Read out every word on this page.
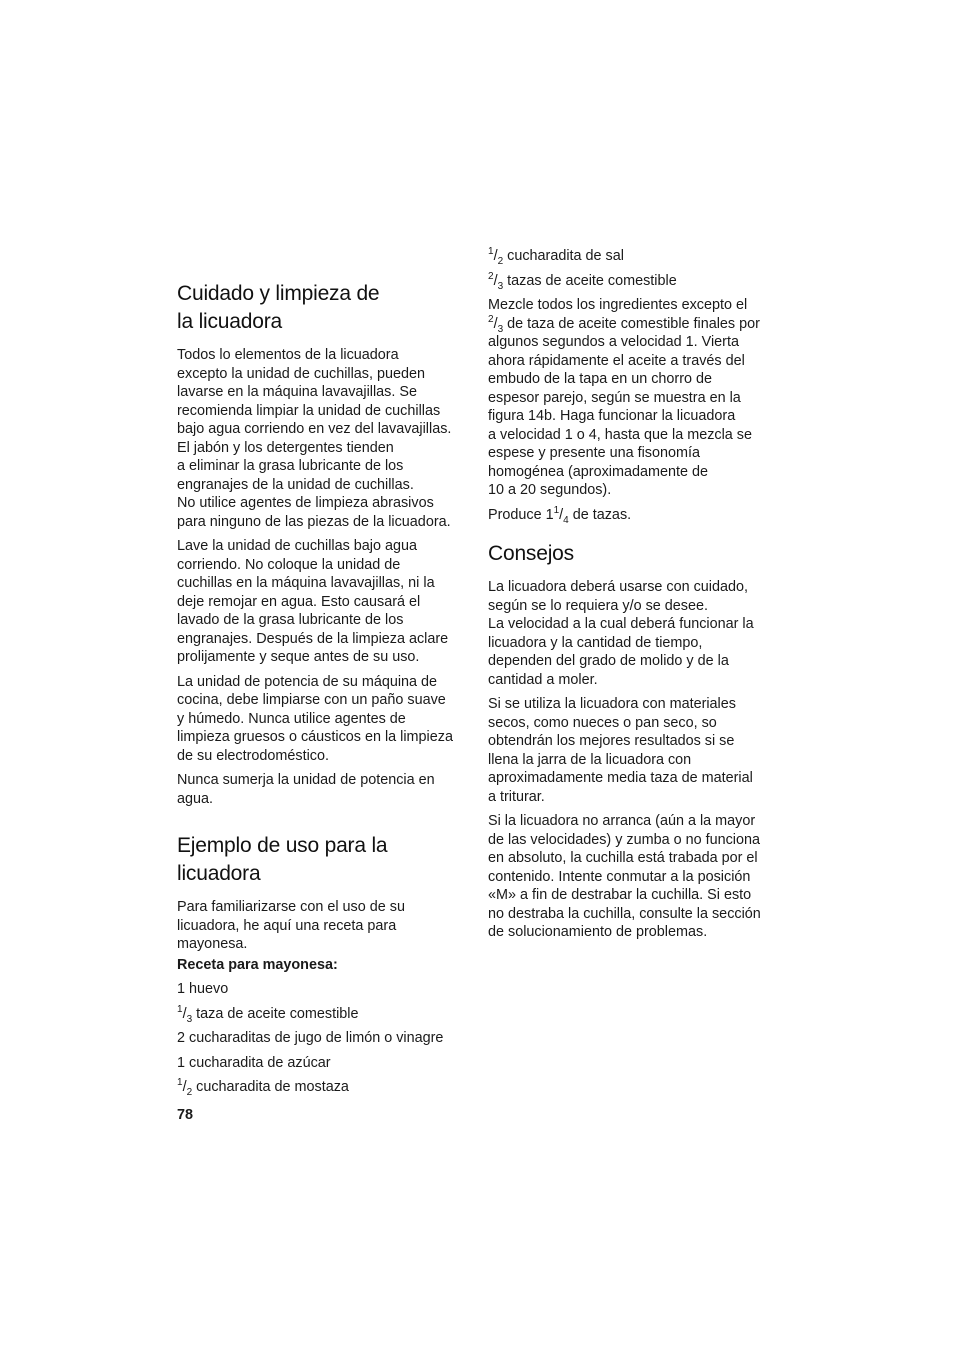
Cuidado y limpieza de
la licuadora

Todos lo elementos de la licuadora
excepto la unidad de cuchillas, pueden
lavarse en la máquina lavavajillas. Se
recomienda limpiar la unidad de cuchillas
bajo agua corriendo en vez del lavavajillas.
El jabón y los detergentes tienden
a eliminar la grasa lubricante de los
engranajes de la unidad de cuchillas.
No utilice agentes de limpieza abrasivos
para ninguno de las piezas de la licuadora.

Lave la unidad de cuchillas bajo agua
corriendo. No coloque la unidad de
cuchillas en la máquina lavavajillas, ni la
deje remojar en agua. Esto causará el
lavado de la grasa lubricante de los
engranajes. Después de la limpieza aclare
prolijamente y seque antes de su uso.

La unidad de potencia de su máquina de
cocina, debe limpiarse con un paño suave
y húmedo. Nunca utilice agentes de
limpieza gruesos o cáusticos en la limpieza
de su electrodoméstico.

Nunca sumerja la unidad de potencia en
agua.

Ejemplo de uso para la
licuadora

Para familiarizarse con el uso de su
licuadora, he aquí una receta para
mayonesa.

Receta para mayonesa:

1 huevo

$^1/_3$ taza de aceite comestible

2 cucharaditas de jugo de limón o vinagre

1 cucharadita de azúcar

$^1/_2$ cucharadita de mostaza

$^1/_2$ cucharadita de sal

$^2/_3$ tazas de aceite comestible

Mezcle todos los ingredientes excepto el
$^2/_3$ de taza de aceite comestible finales por
algunos segundos a velocidad 1. Vierta
ahora rápidamente el aceite a través del
embudo de la tapa en un chorro de
espesor parejo, según se muestra en la
figura 14b. Haga funcionar la licuadora
a velocidad 1 o 4, hasta que la mezcla se
espese y presente una fisonomía
homogénea (aproximadamente de
10 a 20 segundos).

Produce $1^1/_4$ de tazas.

Consejos

La licuadora deberá usarse con cuidado,
según se lo requiera y/o se desee.
La velocidad a la cual deberá funcionar la
licuadora y la cantidad de tiempo,
dependen del grado de molido y de la
cantidad a moler.

Si se utiliza la licuadora con materiales
secos, como nueces o pan seco, so
obtendrán los mejores resultados si se
llena la jarra de la licuadora con
aproximadamente media taza de material
a triturar.

Si la licuadora no arranca (aún a la mayor
de las velocidades) y zumba o no funciona
en absoluto, la cuchilla está trabada por el
contenido. Intente conmutar a la posición
«M» a fin de destrabar la cuchilla. Si esto
no destraba la cuchilla, consulte la sección
de solucionamiento de problemas.

78
